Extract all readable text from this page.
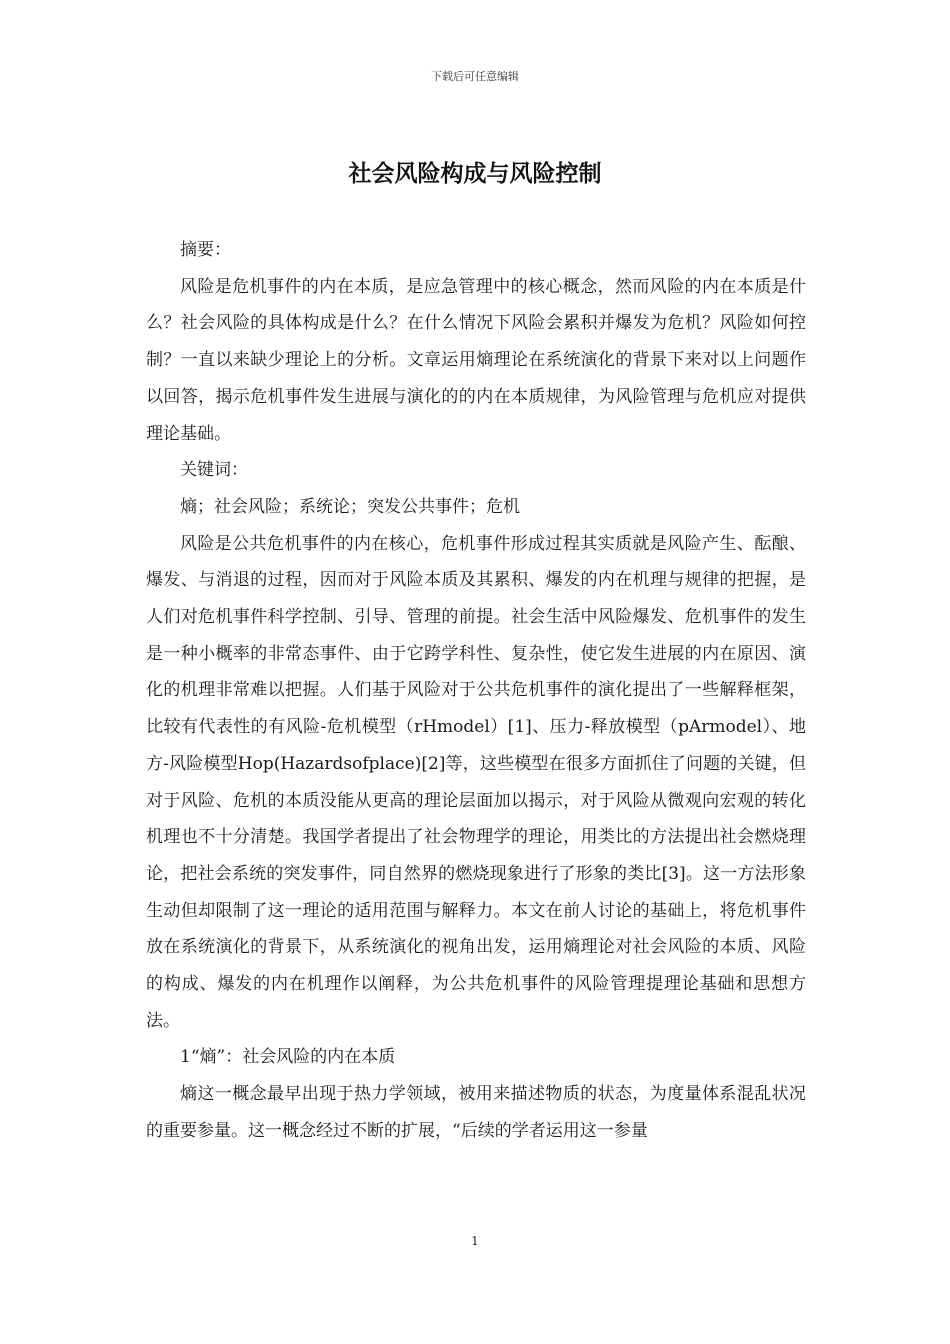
下载后可任意编辑
社会风险构成与风险控制

摘要：

风险是危机事件的内在本质，是应急管理中的核心概念，然而风险的内在本质是什么？社会风险的具体构成是什么？在什么情况下风险会累积并爆发为危机？风险如何控制？一直以来缺少理论上的分析。文章运用熵理论在系统演化的背景下来对以上问题作以回答，揭示危机事件发生进展与演化的的内在本质规律，为风险管理与危机应对提供理论基础。

关键词：

熵；社会风险；系统论；突发公共事件；危机

风险是公共危机事件的内在核心，危机事件形成过程其实质就是风险产生、酝酿、爆发、与消退的过程，因而对于风险本质及其累积、爆发的内在机理与规律的把握，是人们对危机事件科学控制、引导、管理的前提。社会生活中风险爆发、危机事件的发生是一种小概率的非常态事件、由于它跨学科性、复杂性，使它发生进展的内在原因、演化的机理非常难以把握。人们基于风险对于公共危机事件的演化提出了一些解释框架，比较有代表性的有风险-危机模型（rHmodel）[1]、压力-释放模型（pArmodel）、地方-风险模型Hop(Hazardsofplace)[2]等，这些模型在很多方面抓住了问题的关键，但对于风险、危机的本质没能从更高的理论层面加以揭示，对于风险从微观向宏观的转化机理也不十分清楚。我国学者提出了社会物理学的理论，用类比的方法提出社会燃烧理论，把社会系统的突发事件，同自然界的燃烧现象进行了形象的类比[3]。这一方法形象生动但却限制了这一理论的适用范围与解释力。本文在前人讨论的基础上，将危机事件放在系统演化的背景下，从系统演化的视角出发，运用熵理论对社会风险的本质、风险的构成、爆发的内在机理作以阐释，为公共危机事件的风险管理提理论基础和思想方法。

1“熵”：社会风险的内在本质

熵这一概念最早出现于热力学领域，被用来描述物质的状态，为度量体系混乱状况的重要参量。这一概念经过不断的扩展，“后续的学者运用这一参量

1
